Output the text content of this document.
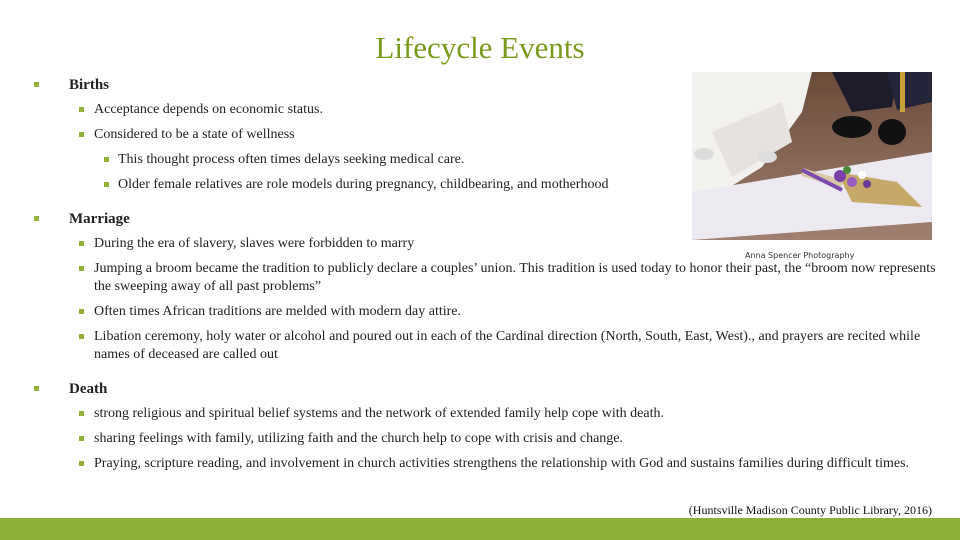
Lifecycle Events
Anna Spencer Photography
Births
Acceptance depends on economic status.
Considered to be a state of wellness
This thought process often times delays seeking medical care.
Older female relatives are role models during pregnancy, childbearing, and motherhood
Marriage
During the era of slavery, slaves were forbidden to marry
Jumping a broom became the tradition to publicly declare a couples’ union. This tradition is used today to honor their past, the “broom now represents the sweeping away of all past problems”
Often times African traditions are melded with modern day attire.
Libation ceremony, holy water or alcohol and poured out in each of the Cardinal direction (North, South, East, West)., and prayers are recited while names of deceased are called out
Death
strong religious and spiritual belief systems and the network of extended family help cope with death.
sharing feelings with family, utilizing faith and the church help to cope with crisis and change.
Praying, scripture reading, and involvement in church activities strengthens the relationship with God and sustains families during difficult times.
(Huntsville Madison County Public Library, 2016)
